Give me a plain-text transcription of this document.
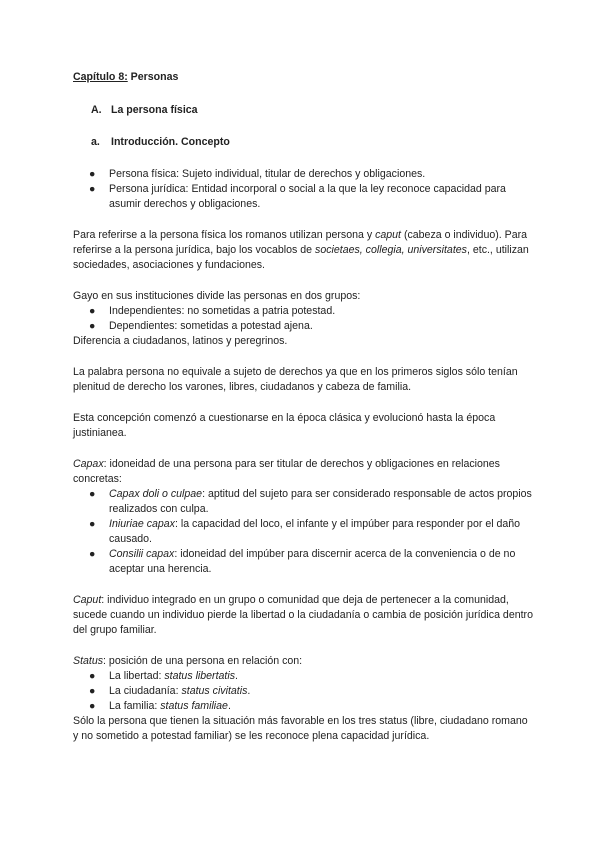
Capítulo 8: Personas
A. La persona física
a.	Introducción. Concepto
●	Persona física: Sujeto individual, titular de derechos y obligaciones.
●	Persona jurídica: Entidad incorporal o social a la que la ley reconoce capacidad para asumir derechos y obligaciones.

Para referirse a la persona física los romanos utilizan persona y caput (cabeza o individuo). Para referirse a la persona jurídica, bajo los vocablos de societaes, collegia, universitates, etc., utilizan sociedades, asociaciones y fundaciones.

Gayo en sus instituciones divide las personas en dos grupos:

●	Independientes: no sometidas a patria potestad.
●	Dependientes: sometidas a potestad ajena.

Diferencia a ciudadanos, latinos y peregrinos.

La palabra persona no equivale a sujeto de derechos ya que en los primeros siglos sólo tenían plenitud de derecho los varones, libres, ciudadanos y cabeza de familia.

Esta concepción comenzó a cuestionarse en la época clásica y evolucionó hasta la época justinianea.

Capax: idoneidad de una persona para ser titular de derechos y obligaciones en relaciones concretas:

●	Capax doli o culpae: aptitud del sujeto para ser considerado responsable de actos propios realizados con culpa.
●	Iniuriae capax: la capacidad del loco, el infante y el impúber para responder por el daño causado.
●	Consilii capax: idoneidad del impúber para discernir acerca de la conveniencia o de no aceptar una herencia.

Caput: individuo integrado en un grupo o comunidad que deja de pertenecer a la comunidad, sucede cuando un individuo pierde la libertad o la ciudadanía o cambia de posición jurídica dentro del grupo familiar.

Status: posición de una persona en relación con:

●	La libertad: status libertatis.
●	La ciudadanía: status civitatis.
●	La familia: status familiae.

Sólo la persona que tienen la situación más favorable en los tres status (libre, ciudadano romano y no sometido a potestad familiar) se les reconoce plena capacidad jurídica.
